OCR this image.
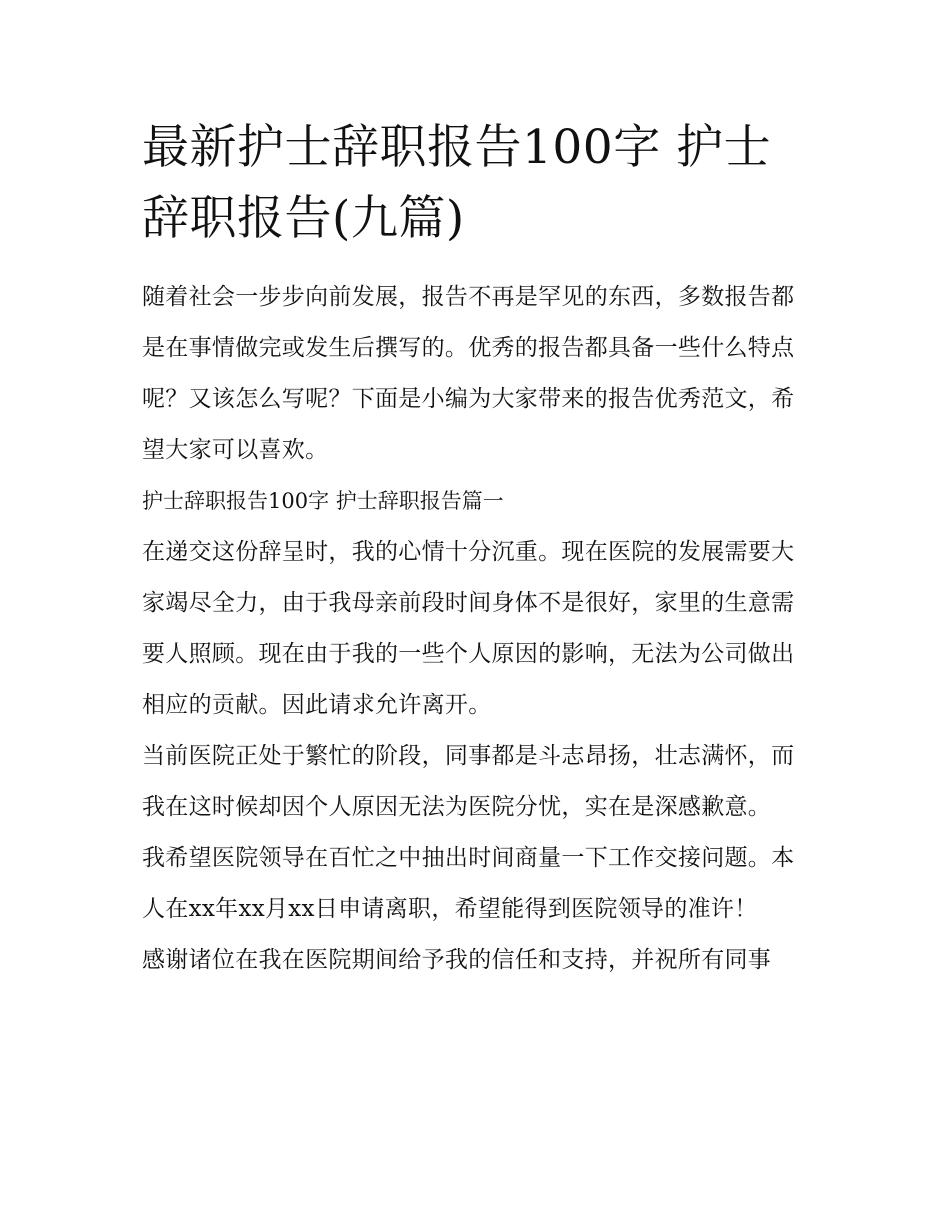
最新护士辞职报告100字 护士辞职报告(九篇)

随着社会一步步向前发展，报告不再是罕见的东西，多数报告都是在事情做完或发生后撰写的。优秀的报告都具备一些什么特点呢？又该怎么写呢？下面是小编为大家带来的报告优秀范文，希望大家可以喜欢。

护士辞职报告100字 护士辞职报告篇一

在递交这份辞呈时，我的心情十分沉重。现在医院的发展需要大家竭尽全力，由于我母亲前段时间身体不是很好，家里的生意需要人照顾。现在由于我的一些个人原因的影响，无法为公司做出相应的贡献。因此请求允许离开。

当前医院正处于繁忙的阶段，同事都是斗志昂扬，壮志满怀，而我在这时候却因个人原因无法为医院分忧，实在是深感歉意。

我希望医院领导在百忙之中抽出时间商量一下工作交接问题。本人在xx年xx月xx日申请离职，希望能得到医院领导的准许！

感谢诸位在我在医院期间给予我的信任和支持，并祝所有同事
